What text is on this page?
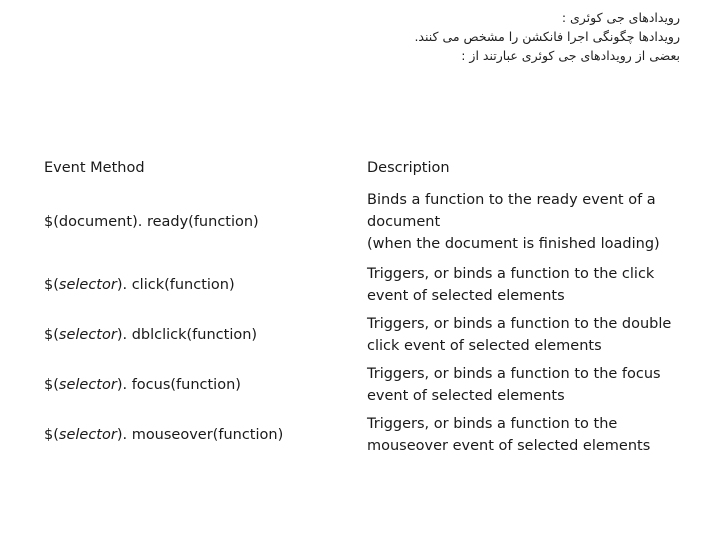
رویدادهای جی کوئری :
رویدادها چگونگی اجرا فانکشن را مشخص می کنند.
بعضی از رویدادهای جی کوئری عبارتند از :
Event Method	Description
$(document). ready(function)
Binds a function to the ready event of a
document
(when the document is finished loading)
$(selector). click(function)
Triggers, or binds a function to the click
event of selected elements
$(selector). dblclick(function)
Triggers, or binds a function to the double
click event of selected elements
$(selector). focus(function)
Triggers, or binds a function to the focus
event of selected elements
$(selector). mouseover(function)
Triggers, or binds a function to the
mouseover event of selected elements
